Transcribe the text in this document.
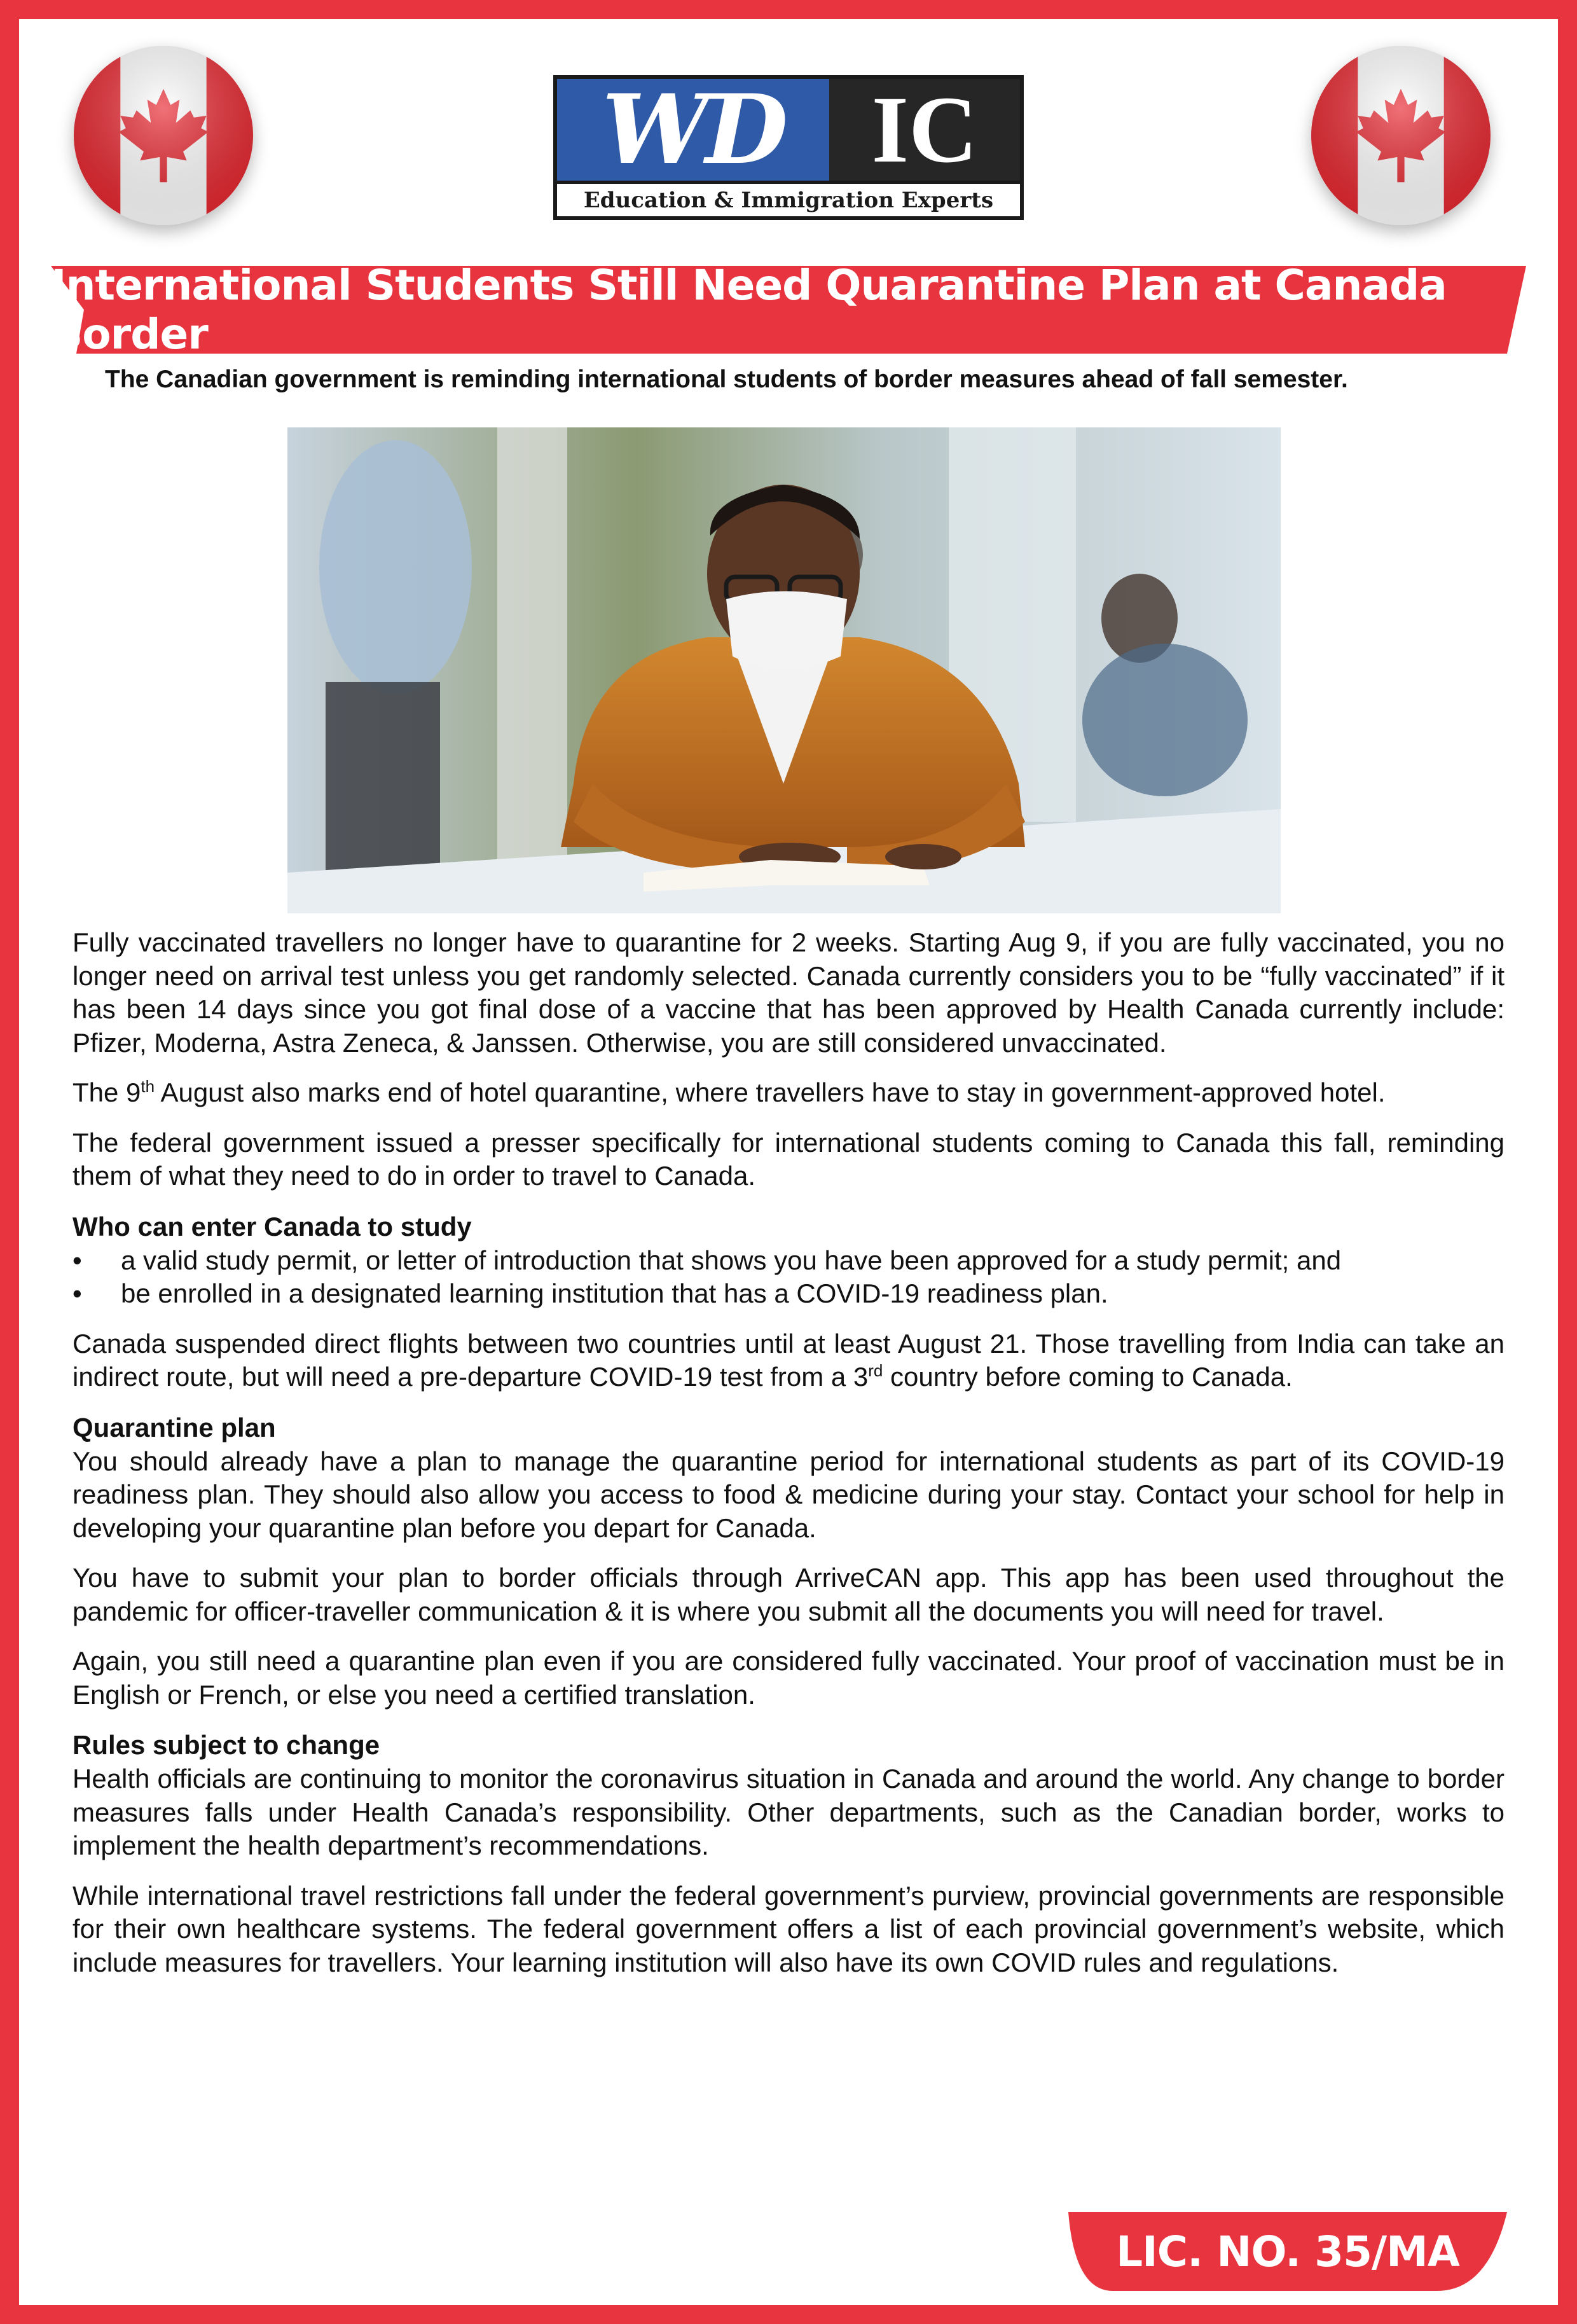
WD IC
Education & Immigration Experts
International Students Still Need Quarantine Plan at Canada Border
The Canadian government is reminding international students of border measures ahead of fall semester.

Fully vaccinated travellers no longer have to quarantine for 2 weeks. Starting Aug 9, if you are fully vaccinated, you no longer need on arrival test unless you get randomly selected. Canada currently considers you to be “fully vaccinated” if it has been 14 days since you got final dose of a vaccine that has been approved by Health Canada currently include: Pfizer, Moderna, Astra Zeneca, & Janssen. Otherwise, you are still considered unvaccinated.

The 9th August also marks end of hotel quarantine, where travellers have to stay in government-approved hotel.

The federal government issued a presser specifically for international students coming to Canada this fall, reminding them of what they need to do in order to travel to Canada.

Who can enter Canada to study
• a valid study permit, or letter of introduction that shows you have been approved for a study permit; and
• be enrolled in a designated learning institution that has a COVID-19 readiness plan.

Canada suspended direct flights between two countries until at least August 21. Those travelling from India can take an indirect route, but will need a pre-departure COVID-19 test from a 3rd country before coming to Canada.

Quarantine plan

You should already have a plan to manage the quarantine period for international students as part of its COVID-19 readiness plan. They should also allow you access to food & medicine during your stay. Contact your school for help in developing your quarantine plan before you depart for Canada.

You have to submit your plan to border officials through ArriveCAN app. This app has been used throughout the pandemic for officer-traveller communication & it is where you submit all the documents you will need for travel.

Again, you still need a quarantine plan even if you are considered fully vaccinated. Your proof of vaccination must be in English or French, or else you need a certified translation.

Rules subject to change

Health officials are continuing to monitor the coronavirus situation in Canada and around the world. Any change to border measures falls under Health Canada’s responsibility. Other departments, such as the Canadian border, works to implement the health department’s recommendations.

While international travel restrictions fall under the federal government’s purview, provincial governments are responsible for their own healthcare systems. The federal government offers a list of each provincial government’s website, which include measures for travellers. Your learning institution will also have its own COVID rules and regulations.

LIC. NO. 35/MA
